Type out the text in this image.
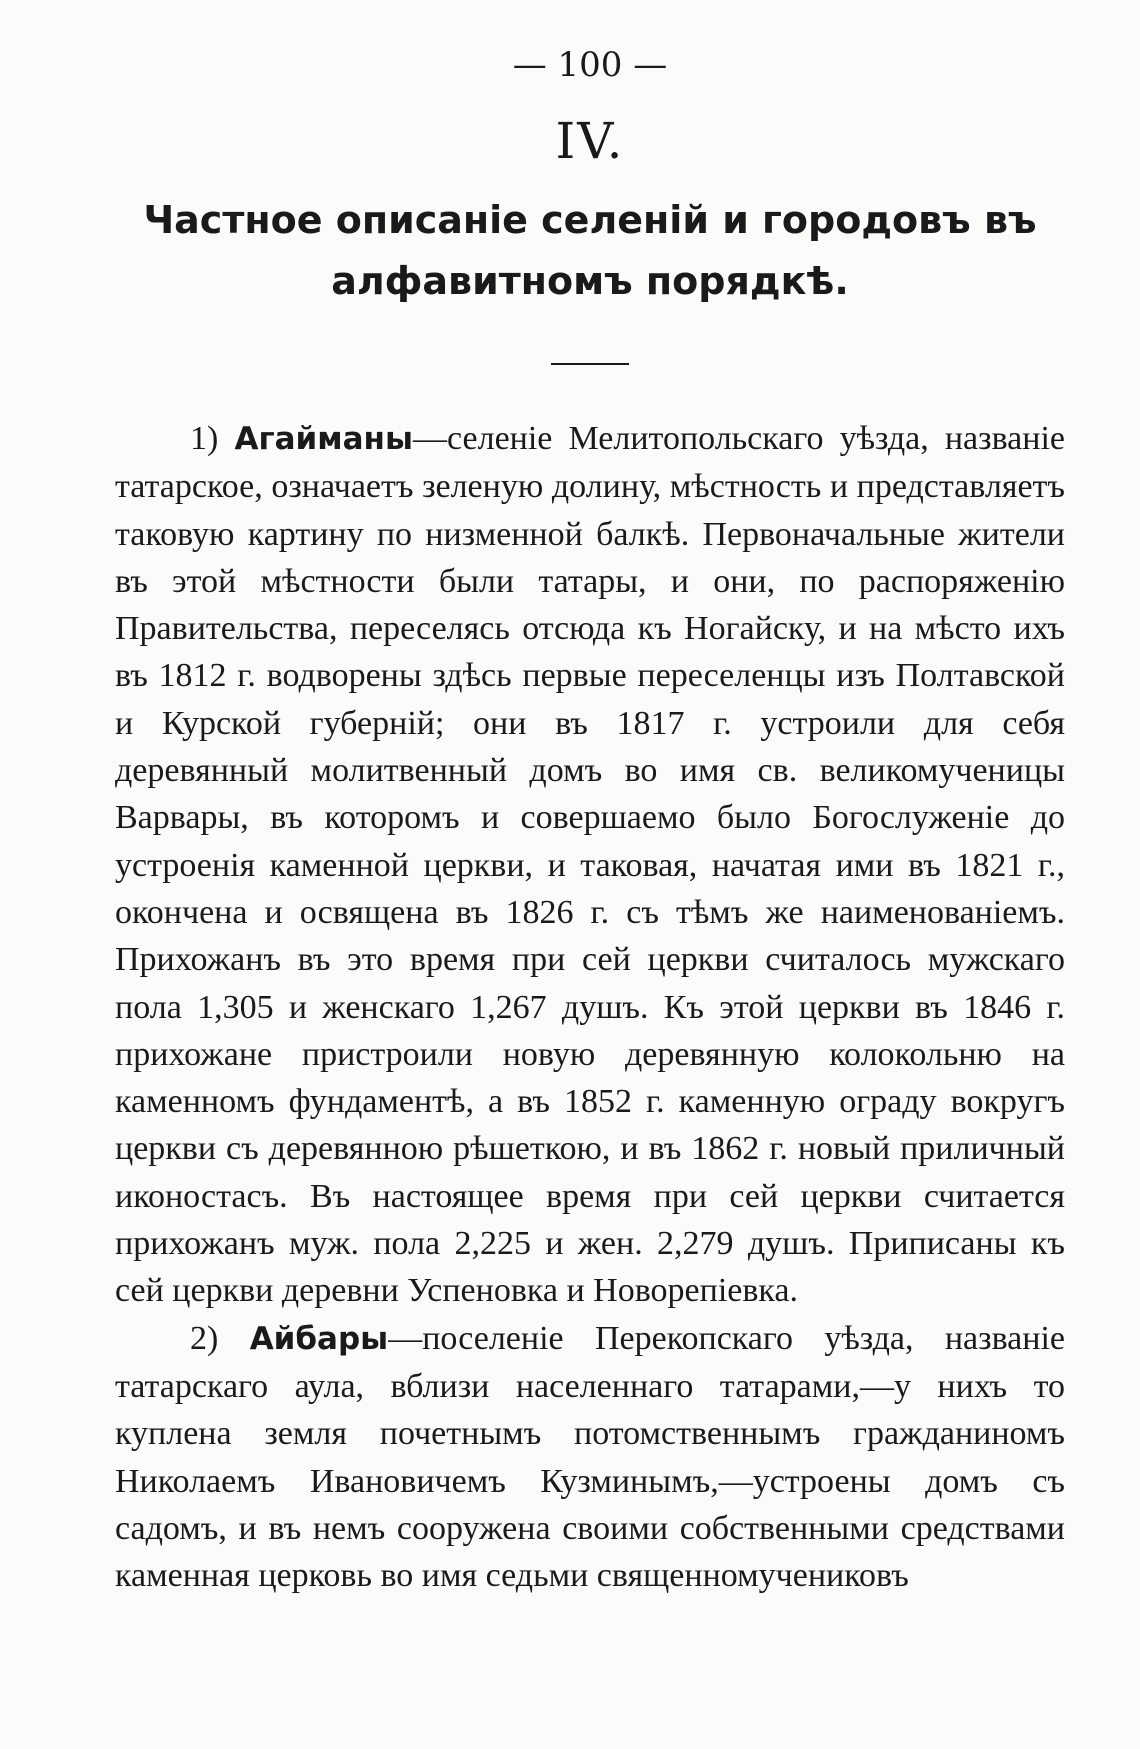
— 100 —
IV.
Частное описаніе селеній и городовъ въ алфавитномъ порядкѣ.

1) Агайманы—селеніе Мелитопольскаго уѣзда, названіе татарское, означаетъ зеленую долину, мѣстность и представляетъ таковую картину по низменной балкѣ. Первоначальные жители въ этой мѣстности были татары, и они, по распоряженію Правительства, переселясь отсюда къ Ногайску, и на мѣсто ихъ въ 1812 г. водворены здѣсь первые переселенцы изъ Полтавской и Курской губерній; они въ 1817 г. устроили для себя деревянный молитвенный домъ во имя св. великомученицы Варвары, въ которомъ и совершаемо было Богослуженіе до устроенія каменной церкви, и таковая, начатая ими въ 1821 г., окончена и освящена въ 1826 г. съ тѣмъ же наименованіемъ. Прихожанъ въ это время при сей церкви считалось мужскаго пола 1,305 и женскаго 1,267 душъ. Къ этой церкви въ 1846 г. прихожане пристроили новую деревянную колокольню на каменномъ фундаментѣ, а въ 1852 г. каменную ограду вокругъ церкви съ деревянною рѣшеткою, и въ 1862 г. новый приличный иконостасъ. Въ настоящее время при сей церкви считается прихожанъ муж. пола 2,225 и жен. 2,279 душъ. Приписаны къ сей церкви деревни Успеновка и Новорепіевка.

2) Айбары—поселеніе Перекопскаго уѣзда, названіе татарскаго аула, вблизи населеннаго татарами,—у нихъ то куплена земля почетнымъ потомственнымъ гражданиномъ Николаемъ Ивановичемъ Кузминымъ,—устроены домъ съ садомъ, и въ немъ сооружена своими собственными средствами каменная церковь во имя седьми священномучениковъ
